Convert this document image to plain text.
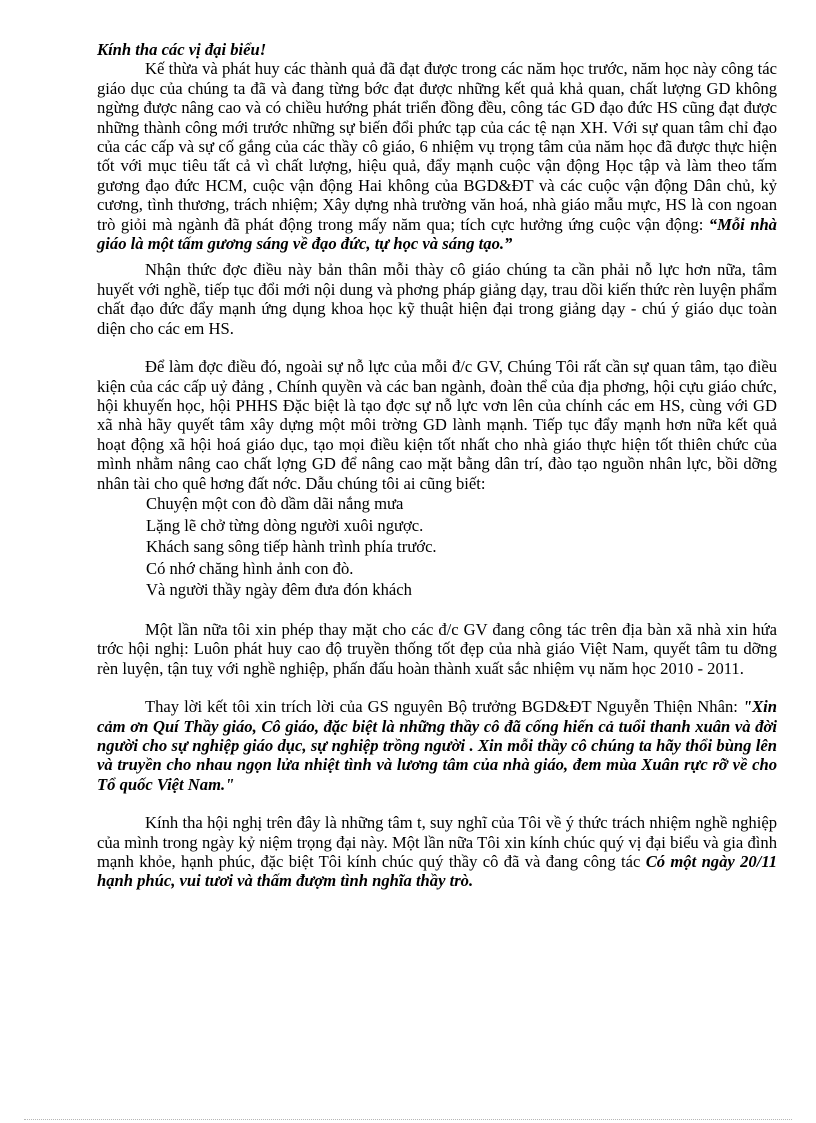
Kính tha các vị đại biểu!

Kế thừa và phát huy các thành quả đã đạt được trong các năm học trước, năm học này công tác giáo dục của chúng ta đã và đang từng bớc đạt được những kết quả khả quan, chất lượng GD không ngừng được nâng cao và có chiều hướng phát triển đồng đều, công tác GD đạo đức HS cũng đạt được những thành công mới trước những sự biến đổi phức tạp của các tệ nạn XH. Với sự quan tâm chỉ đạo của các cấp và sự cố gắng của các thầy cô giáo, 6 nhiệm vụ trọng tâm của năm học đã được thực hiện tốt với mục tiêu tất cả vì chất lượng, hiệu quả, đẩy mạnh cuộc vận động Học tập và làm theo tấm gương đạo đức HCM, cuộc vận động Hai không của BGD&ĐT và các cuộc vận động Dân chủ, kỷ cương, tình thương, trách nhiệm; Xây dựng nhà trường văn hoá, nhà giáo mẫu mực, HS là con ngoan trò giỏi mà ngành đã phát động trong mấy năm qua; tích cực hưởng ứng cuộc vận động: “Mỗi nhà giáo là một tấm gương sáng về đạo đức, tự học và sáng tạo.”

Nhận thức đợc điều này bản thân mỗi thày cô giáo chúng ta cần phải nỗ lực hơn nữa, tâm huyết với nghề, tiếp tục đổi mới nội dung và phơng pháp giảng dạy, trau dồi kiến thức rèn luyện phẩm chất đạo đức đẩy mạnh ứng dụng khoa học kỹ thuật hiện đại trong giảng dạy - chú ý giáo dục toàn diện cho các em HS.

Để làm đợc điều đó, ngoài sự nỗ lực của mỗi đ/c GV, Chúng Tôi rất cần sự quan tâm, tạo điều kiện của các cấp uỷ đảng , Chính quyền và các ban ngành, đoàn thể của địa phơng, hội cựu giáo chức, hội khuyến học, hội PHHS Đặc biệt là tạo đợc sự nỗ lực vơn lên của chính các em HS, cùng với GD xã nhà hãy quyết tâm xây dựng một môi trờng GD lành mạnh. Tiếp tục đẩy mạnh hơn nữa kết quả hoạt động xã hội hoá giáo dục, tạo mọi điều kiện tốt nhất cho nhà giáo thực hiện tốt thiên chức của mình nhằm nâng cao chất lợng GD để nâng cao mặt bằng dân trí, đào tạo nguồn nhân lực, bồi dỡng nhân tài cho quê hơng đất nớc. Dẫu chúng tôi ai cũng biết:

Chuyện một con đò dầm dãi nắng mưa
Lặng lẽ chở từng dòng người xuôi ngược.
Khách sang sông tiếp hành trình phía trước.
Có nhớ chăng hình ảnh con đò.
Và người thầy ngày đêm đưa đón khách

Một lần nữa tôi xin phép thay mặt cho các đ/c GV đang công tác trên địa bàn xã nhà xin hứa trớc hội nghị: Luôn phát huy cao độ truyền thống tốt đẹp của nhà giáo Việt Nam, quyết tâm tu dỡng rèn luyện, tận tuỵ với nghề nghiệp, phấn đấu hoàn thành xuất sắc nhiệm vụ năm học 2010 - 2011.

Thay lời kết tôi xin trích lời của GS nguyên Bộ trưởng BGD&ĐT Nguyễn Thiện Nhân: "Xin cảm ơn Quí Thầy giáo, Cô giáo, đặc biệt là những thầy cô đã cống hiến cả tuổi thanh xuân và đời người cho sự nghiệp giáo dục, sự nghiệp trồng người . Xin mỗi thầy cô chúng ta hãy thổi bùng lên và truyền cho nhau ngọn lửa nhiệt tình và lương tâm của nhà giáo, đem mùa Xuân rực rỡ về cho Tổ quốc Việt Nam."

Kính tha hội nghị trên đây là những tâm t, suy nghĩ của Tôi về ý thức trách nhiệm nghề nghiệp của mình trong ngày kỷ niệm trọng đại này. Một lần nữa Tôi xin kính chúc quý vị đại biểu và gia đình mạnh khỏe, hạnh phúc, đặc biệt Tôi kính chúc quý thầy cô đã và đang công tác Có một ngày 20/11 hạnh phúc, vui tươi và thấm đượm tình nghĩa thầy trò.
